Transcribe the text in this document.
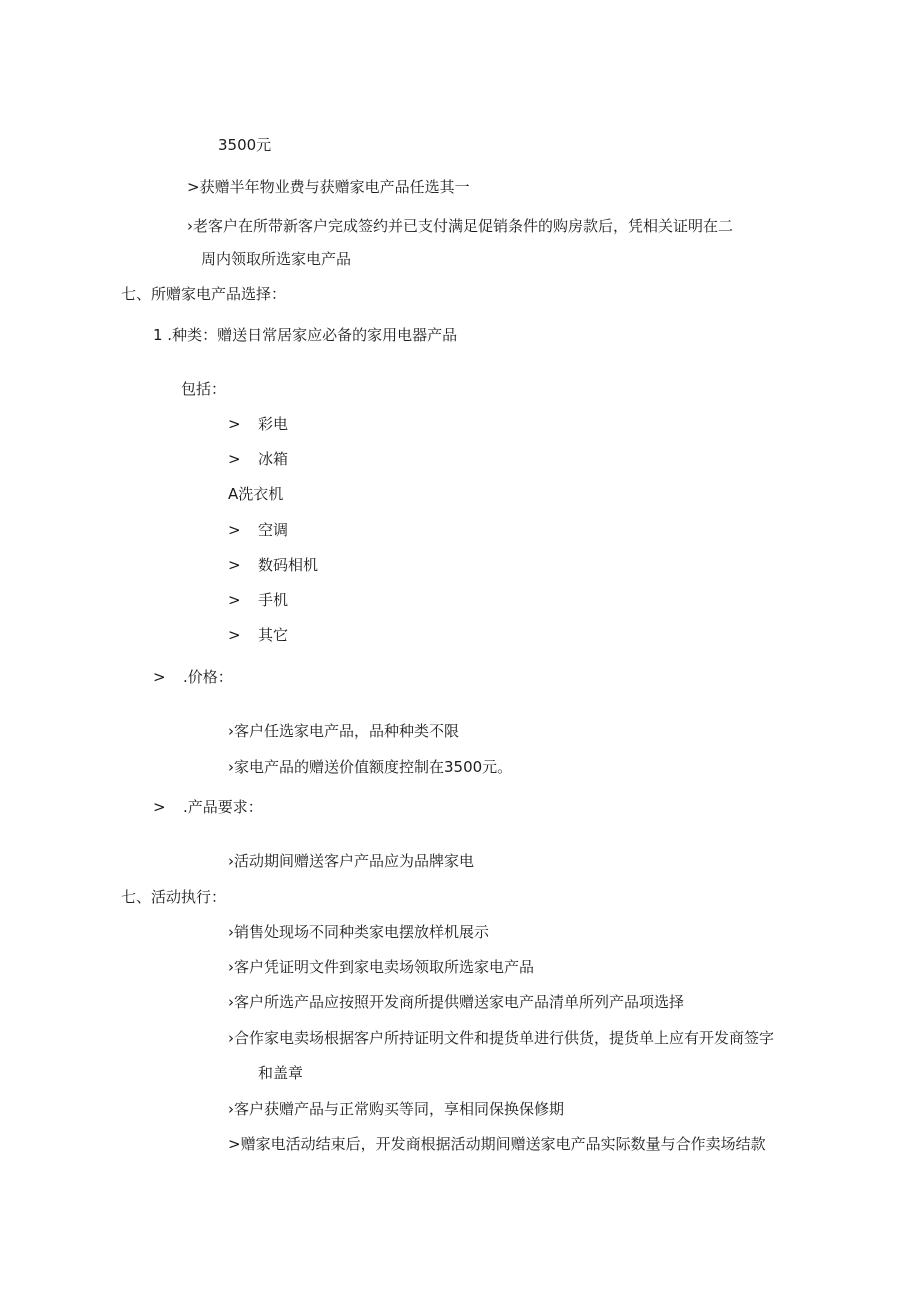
3500元

>获赠半年物业费与获赠家电产品任选其一

›老客户在所带新客户完成签约并已支付满足促销条件的购房款后，凭相关证明在二

周内领取所选家电产品

七、所赠家电产品选择：

1 .种类：赠送日常居家应必备的家用电器产品

包括：

> 彩电

> 冰箱

A洗衣机

> 空调

> 数码相机

> 手机

> 其它

> .价格：

›客户任选家电产品，品种种类不限

›家电产品的赠送价值额度控制在3500元。

> .产品要求：

›活动期间赠送客户产品应为品牌家电

七、活动执行：

›销售处现场不同种类家电摆放样机展示

›客户凭证明文件到家电卖场领取所选家电产品

›客户所选产品应按照开发商所提供赠送家电产品清单所列产品项选择

›合作家电卖场根据客户所持证明文件和提货单进行供货，提货单上应有开发商签字

和盖章

›客户获赠产品与正常购买等同，享相同保换保修期

>赠家电活动结束后，开发商根据活动期间赠送家电产品实际数量与合作卖场结款
